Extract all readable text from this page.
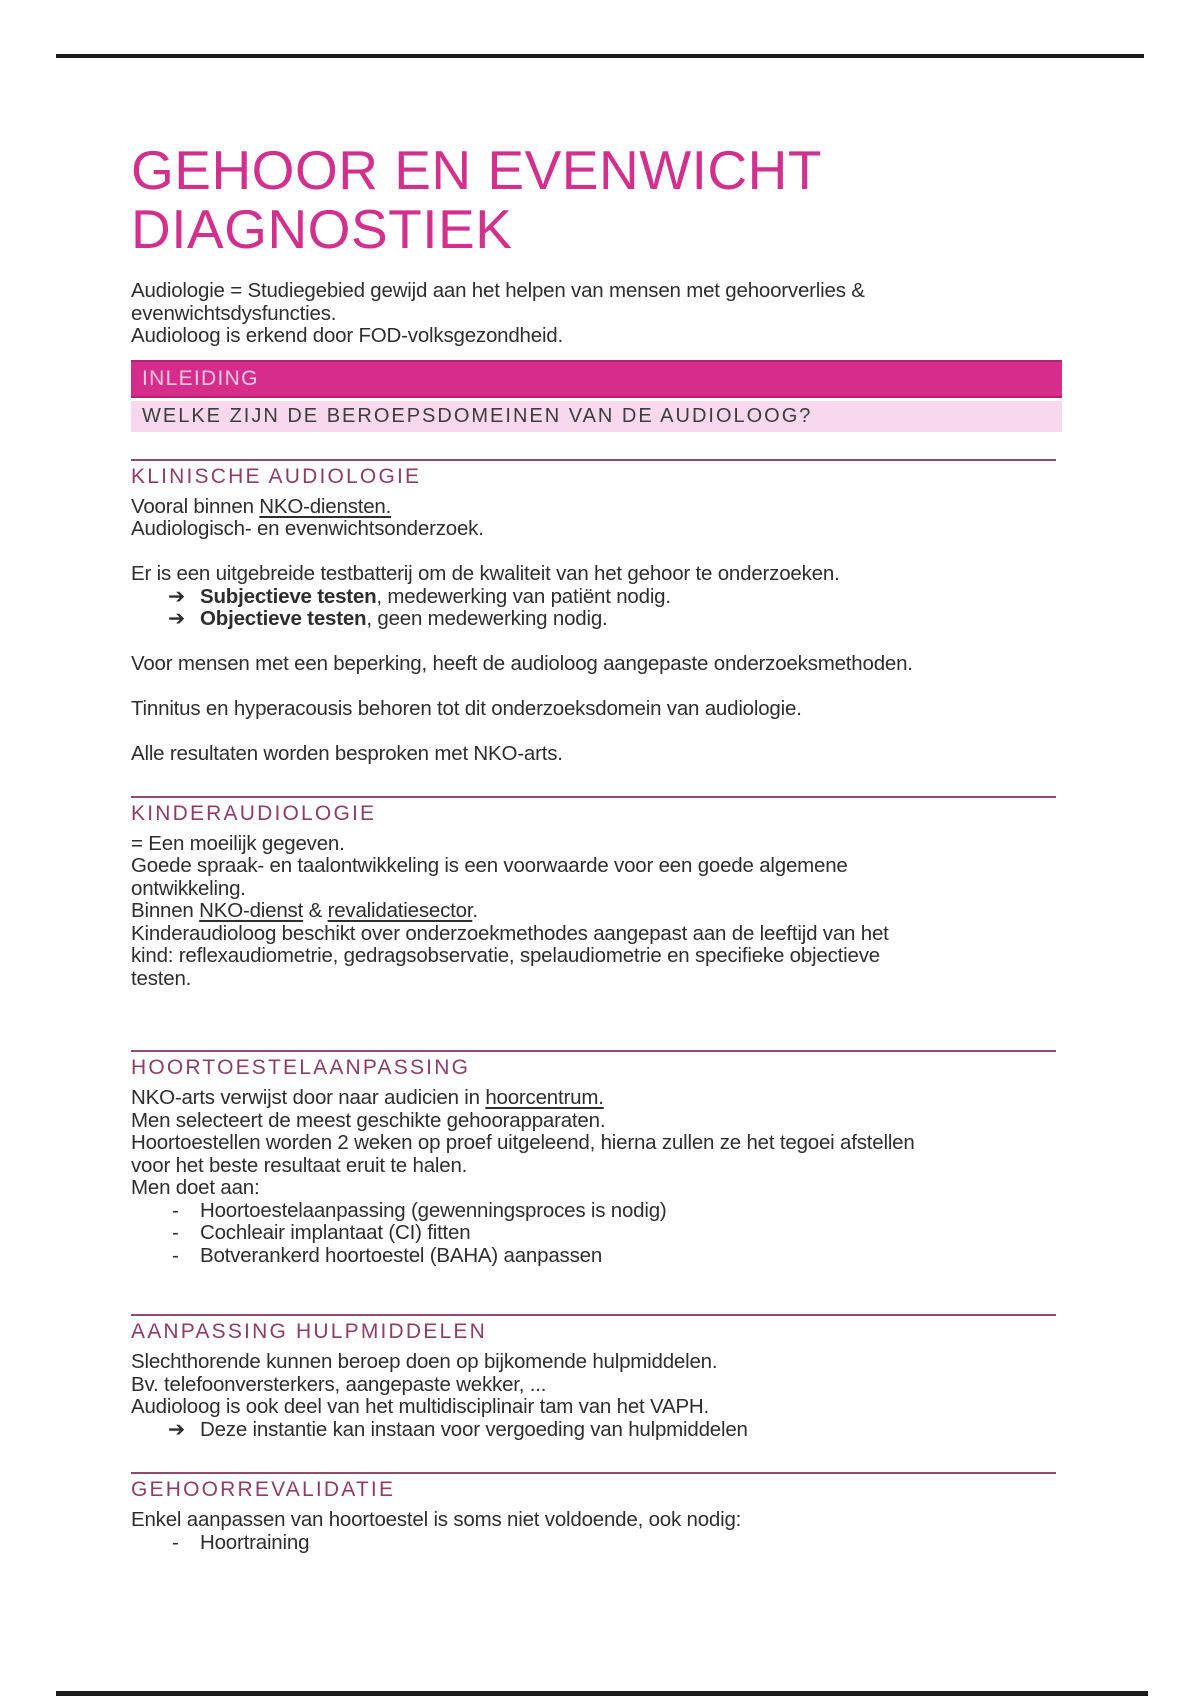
GEHOOR EN EVENWICHT
DIAGNOSTIEK
Audiologie = Studiegebied gewijd aan het helpen van mensen met gehoorverlies &
evenwichtsdysfuncties.
Audioloog is erkend door FOD-volksgezondheid.
INLEIDING
WELKE ZIJN DE BEROEPSDOMEINEN VAN DE AUDIOLOOG?
KLINISCHE AUDIOLOGIE
Vooral binnen NKO-diensten.
Audiologisch- en evenwichtsonderzoek.
Er is een uitgebreide testbatterij om de kwaliteit van het gehoor te onderzoeken.
➔ Subjectieve testen, medewerking van patiënt nodig.
➔ Objectieve testen, geen medewerking nodig.
Voor mensen met een beperking, heeft de audioloog aangepaste onderzoeksmethoden.
Tinnitus en hyperacousis behoren tot dit onderzoeksdomein van audiologie.
Alle resultaten worden besproken met NKO-arts.
KINDERAUDIOLOGIE
= Een moeilijk gegeven.
Goede spraak- en taalontwikkeling is een voorwaarde voor een goede algemene
ontwikkeling.
Binnen NKO-dienst & revalidatiesector.
Kinderaudioloog beschikt over onderzoekmethodes aangepast aan de leeftijd van het
kind: reflexaudiometrie, gedragsobservatie, spelaudiometrie en specifieke objectieve
testen.
HOORTOESTELAANPASSING
NKO-arts verwijst door naar audicien in hoorcentrum.
Men selecteert de meest geschikte gehoorapparaten.
Hoortoestellen worden 2 weken op proef uitgeleend, hierna zullen ze het tegoei afstellen
voor het beste resultaat eruit te halen.
Men doet aan:
-	Hoortoestelaanpassing (gewenningsproces is nodig)
-	Cochleair implantaat (CI) fitten
-	Botverankerd hoortoestel (BAHA) aanpassen
AANPASSING HULPMIDDELEN
Slechthorende kunnen beroep doen op bijkomende hulpmiddelen.
Bv. telefoonversterkers, aangepaste wekker, ...
Audioloog is ook deel van het multidisciplinair tam van het VAPH.
➔ Deze instantie kan instaan voor vergoeding van hulpmiddelen
GEHOORREVALIDATIE
Enkel aanpassen van hoortoestel is soms niet voldoende, ook nodig:
-	Hoortraining
